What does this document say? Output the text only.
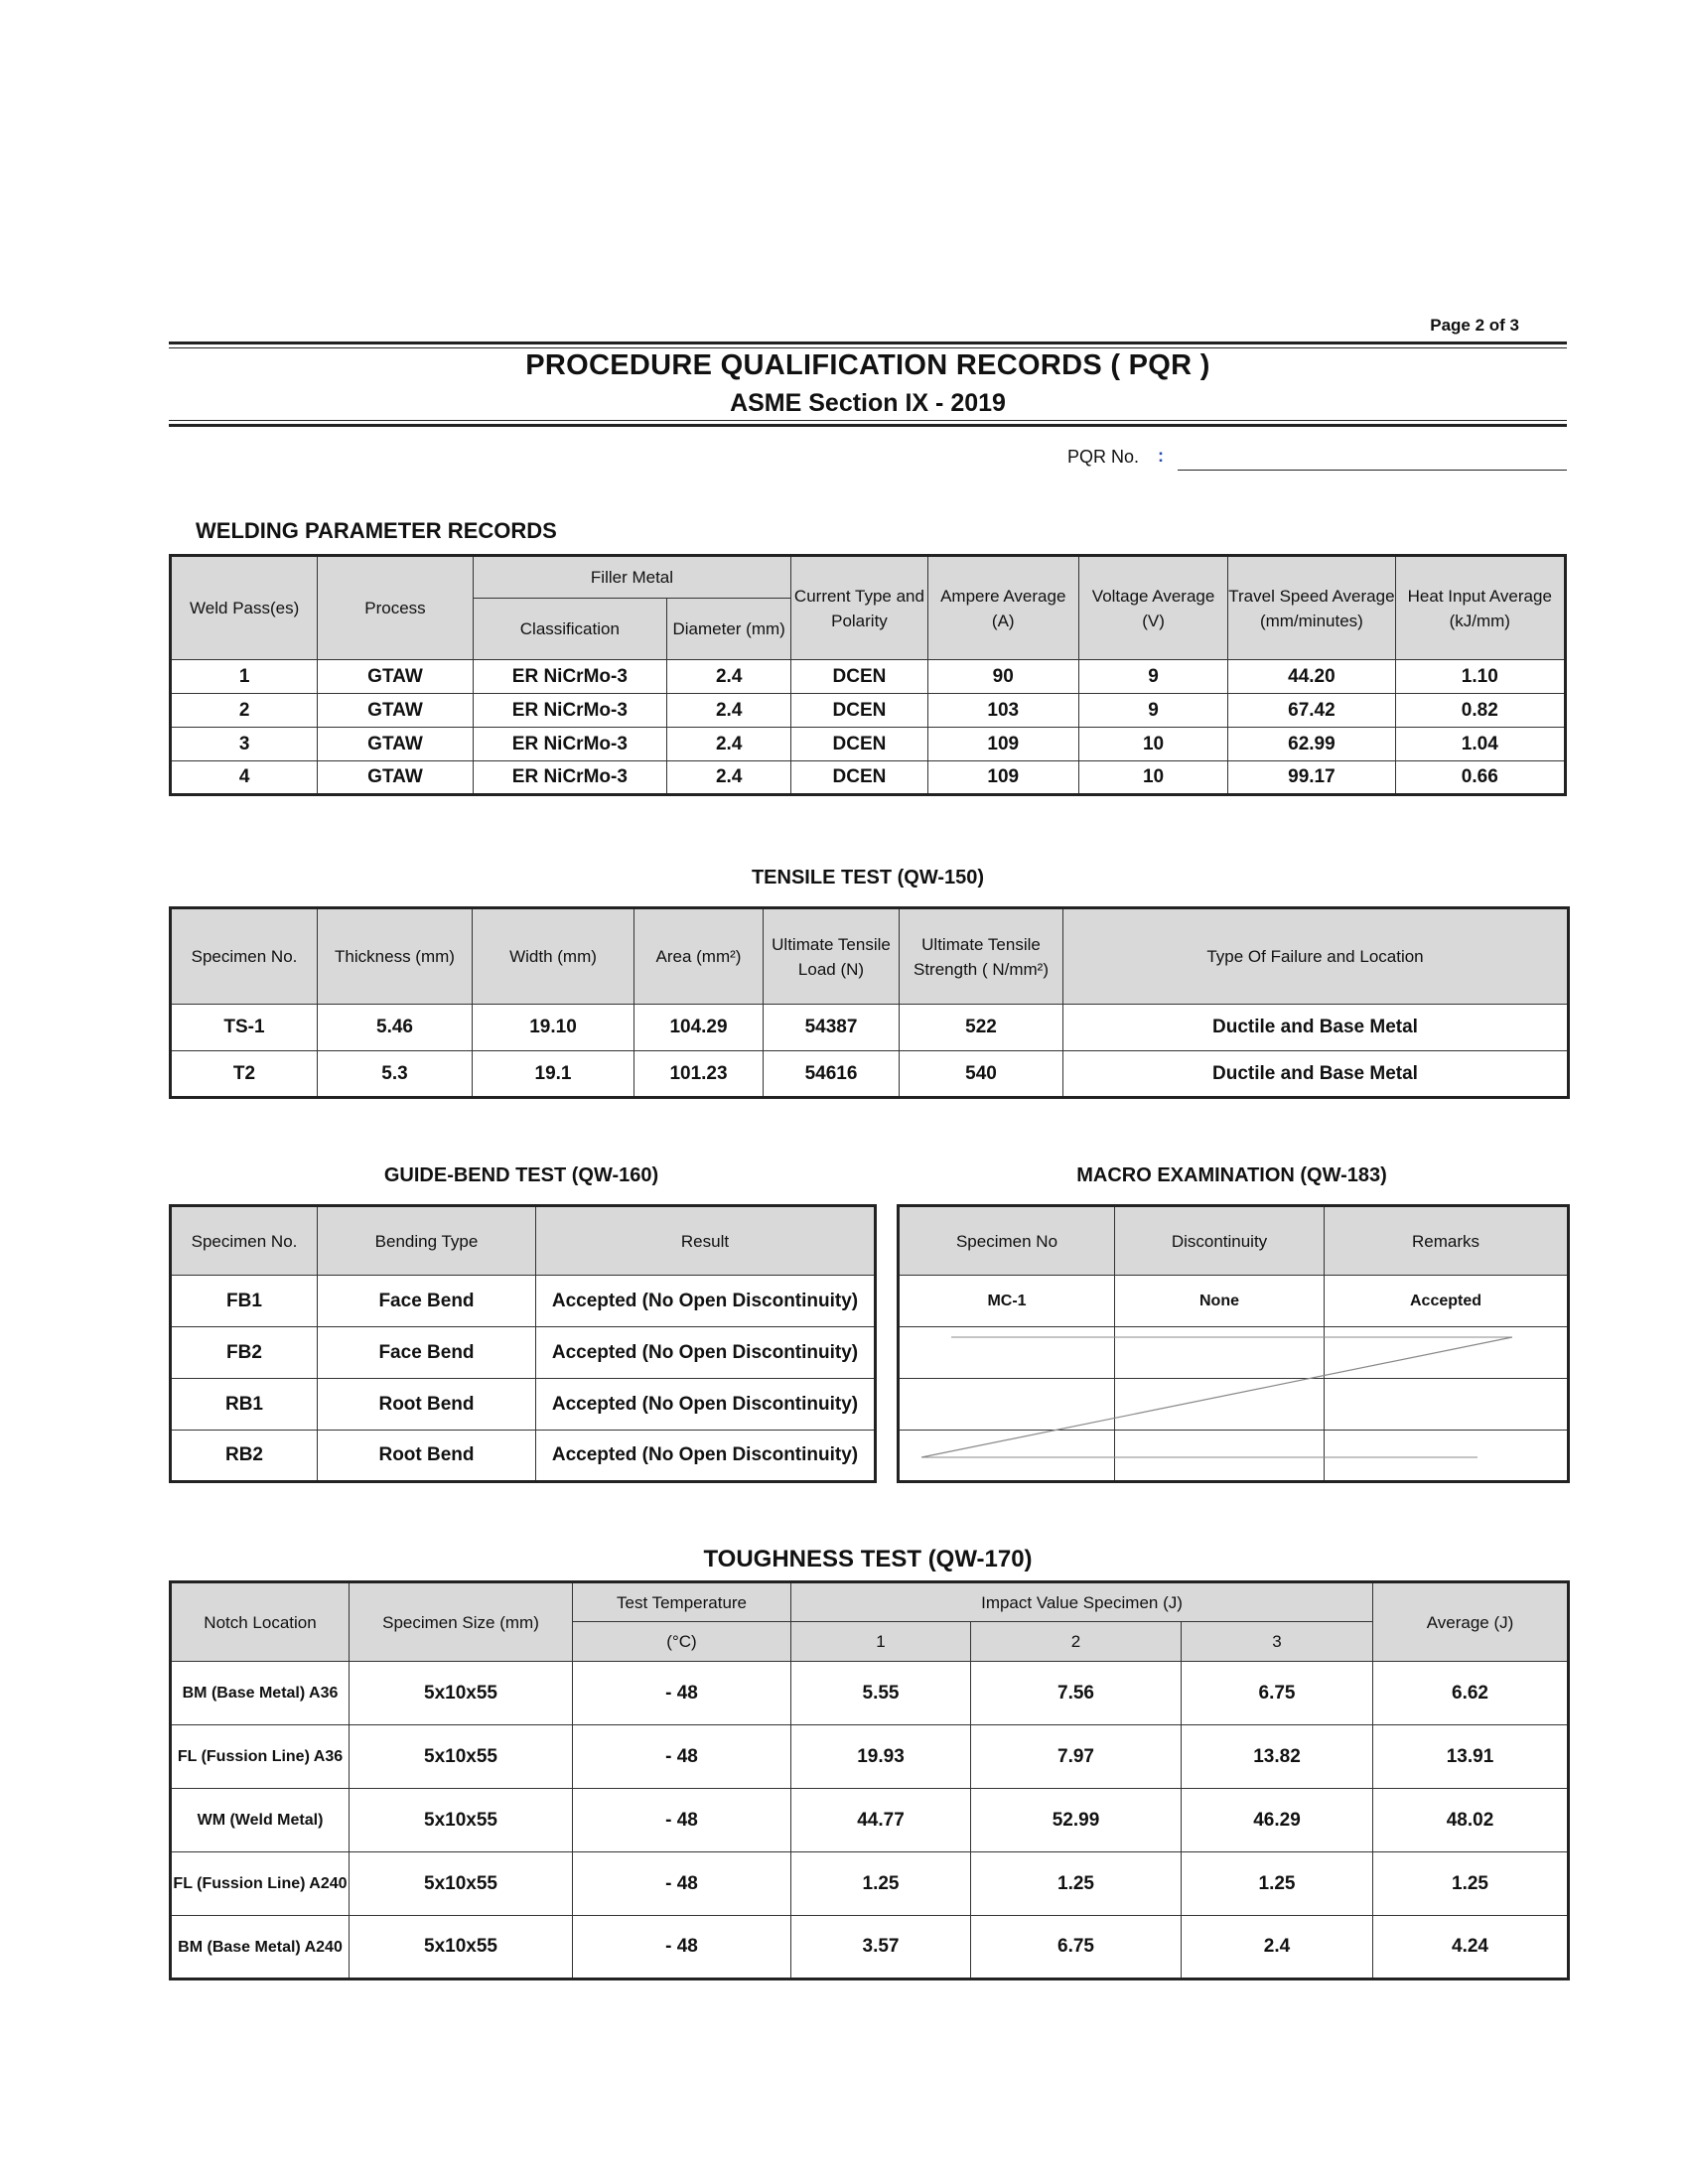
Page 2 of 3
PROCEDURE QUALIFICATION RECORDS ( PQR )
ASME Section IX - 2019
PQR No. :
WELDING PARAMETER RECORDS
Weld Pass(es)	Process	Filler Metal		Current Type and Polarity	Ampere Average (A)	Voltage Average (V)	Travel Speed Average (mm/minutes)	Heat Input Average (kJ/mm)
		Classification	Diameter (mm)					
1	GTAW	ER NiCrMo-3	2.4	DCEN	90	9	44.20	1.10
2	GTAW	ER NiCrMo-3	2.4	DCEN	103	9	67.42	0.82
3	GTAW	ER NiCrMo-3	2.4	DCEN	109	10	62.99	1.04
4	GTAW	ER NiCrMo-3	2.4	DCEN	109	10	99.17	0.66
TENSILE TEST (QW-150)
Specimen No.	Thickness (mm)	Width (mm)	Area (mm²)	Ultimate Tensile Load (N)	Ultimate Tensile Strength ( N/mm²)	Type Of Failure and Location
TS-1	5.46	19.10	104.29	54387	522	Ductile and Base Metal
T2	5.3	19.1	101.23	54616	540	Ductile and Base Metal
GUIDE-BEND TEST (QW-160)
Specimen No.	Bending Type	Result
FB1	Face Bend	Accepted (No Open Discontinuity)
FB2	Face Bend	Accepted (No Open Discontinuity)
RB1	Root Bend	Accepted (No Open Discontinuity)
RB2	Root Bend	Accepted (No Open Discontinuity)
MACRO EXAMINATION (QW-183)
Specimen No	Discontinuity	Remarks
MC-1	None	Accepted

TOUGHNESS TEST (QW-170)
Notch Location	Specimen Size (mm)	Test Temperature	Impact Value Specimen (J)			Average (J)
		(°C)	1	2	3	
BM (Base Metal) A36	5x10x55	- 48	5.55	7.56	6.75	6.62
FL (Fussion Line) A36	5x10x55	- 48	19.93	7.97	13.82	13.91
WM (Weld Metal)	5x10x55	- 48	44.77	52.99	46.29	48.02
FL (Fussion Line) A240	5x10x55	- 48	1.25	1.25	1.25	1.25
BM (Base Metal) A240	5x10x55	- 48	3.57	6.75	2.4	4.24
